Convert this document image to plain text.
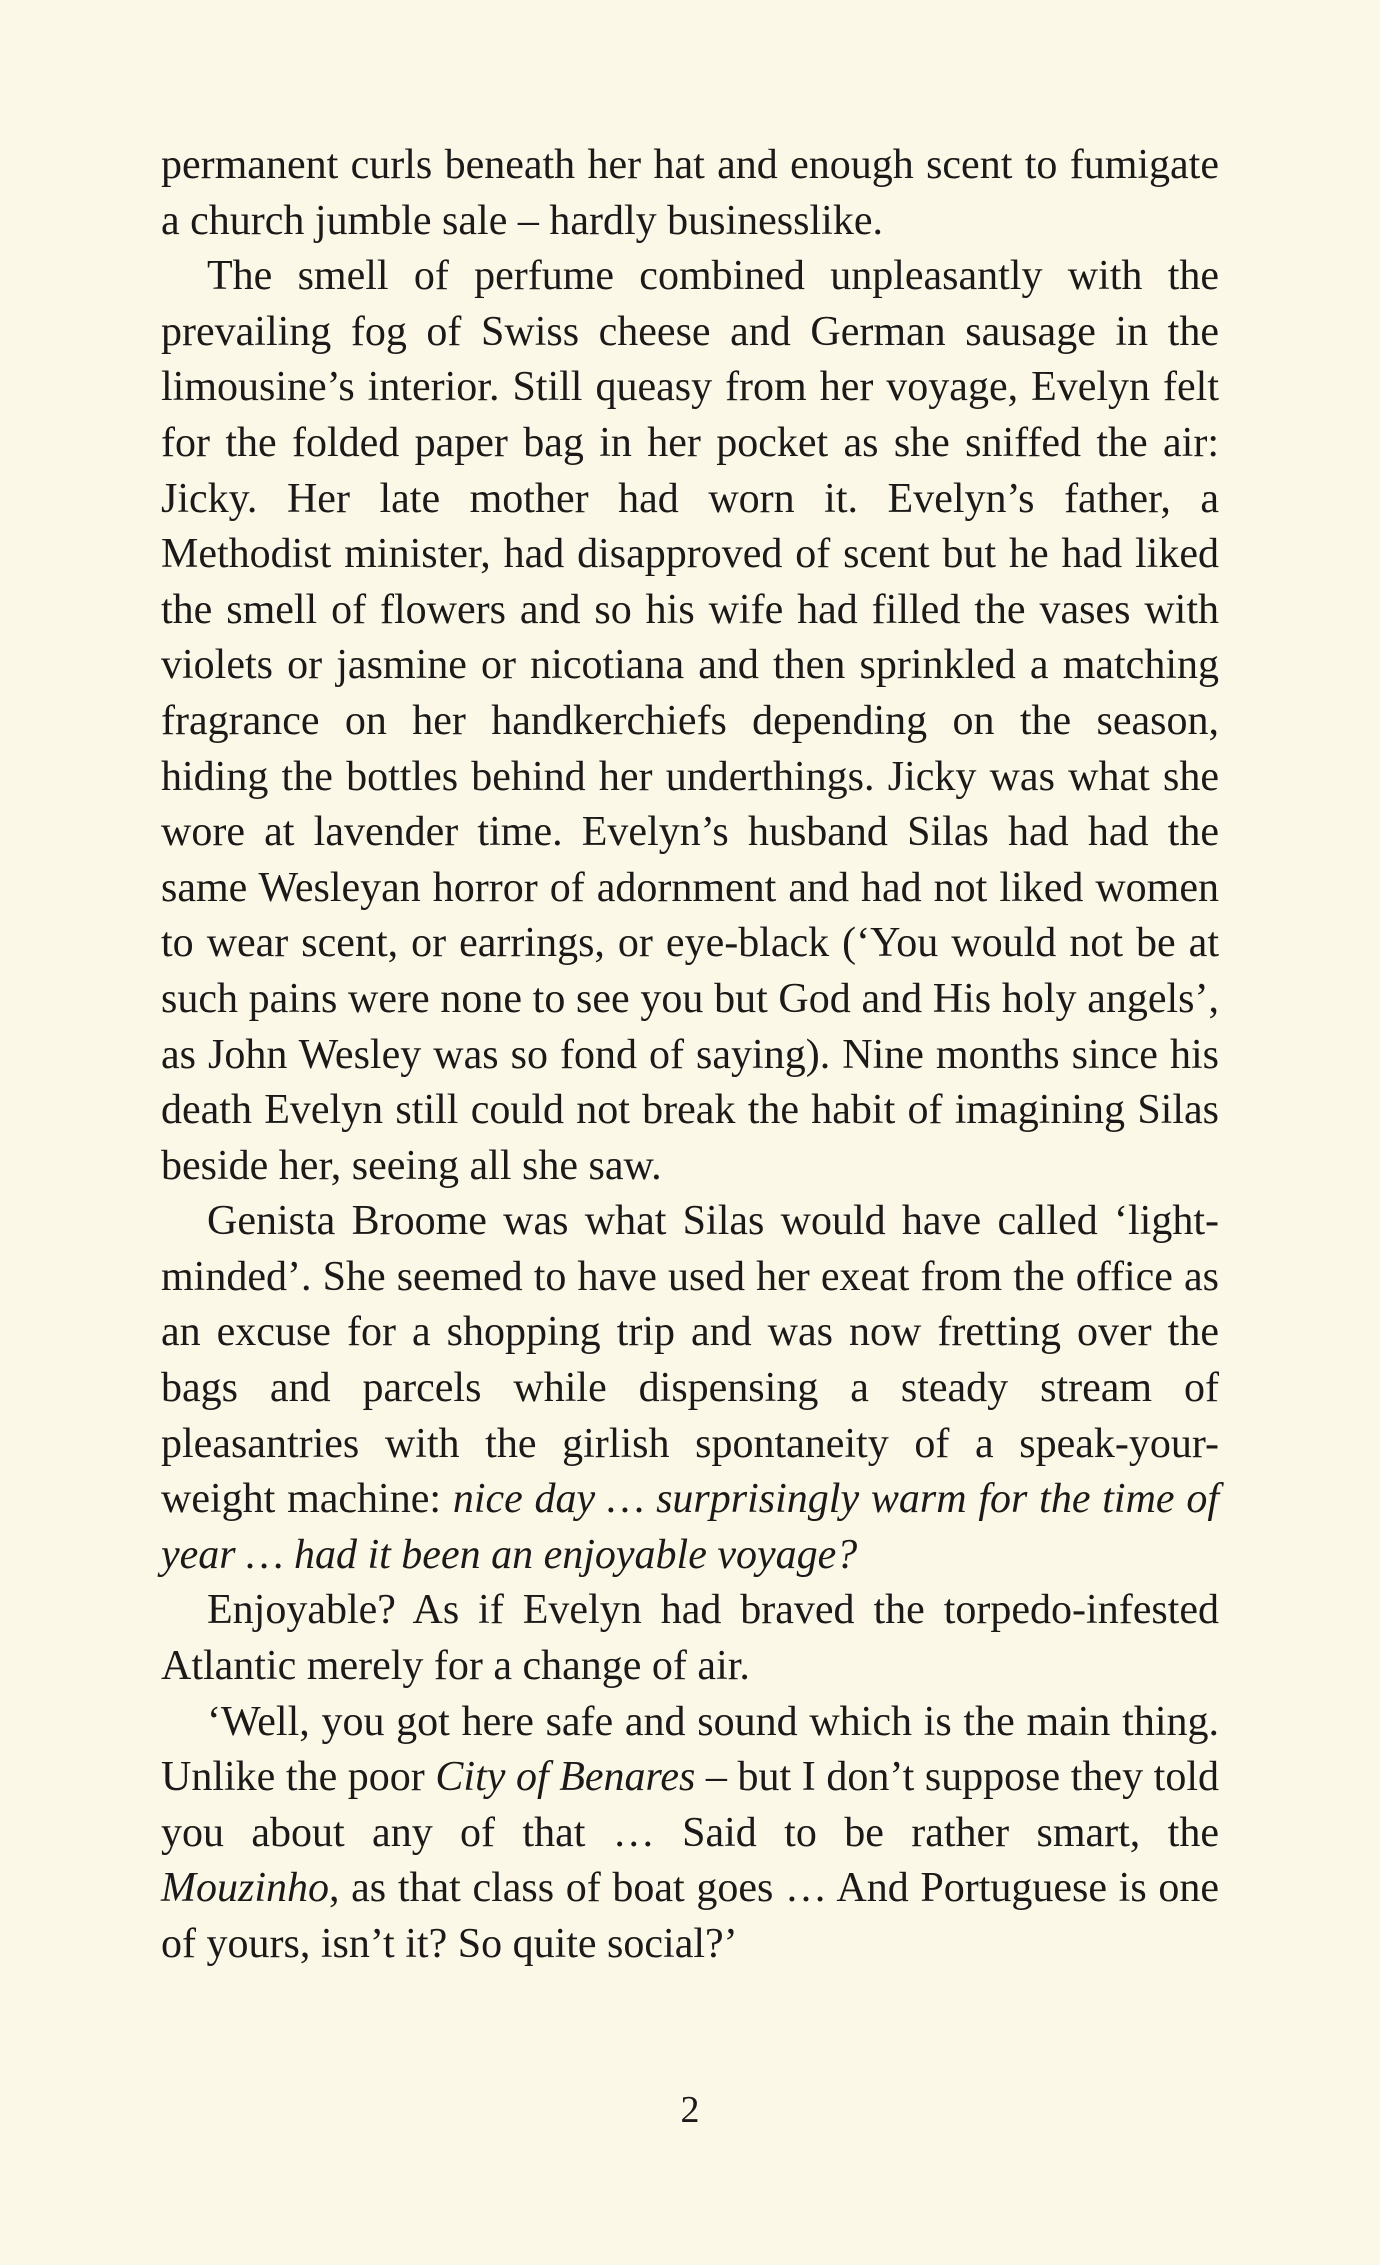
permanent curls beneath her hat and enough scent to fumigate a church jumble sale – hardly businesslike.

The smell of perfume combined unpleasantly with the prevailing fog of Swiss cheese and German sausage in the limousine’s interior. Still queasy from her voyage, Evelyn felt for the folded paper bag in her pocket as she sniffed the air: Jicky. Her late mother had worn it. Evelyn’s father, a Methodist minister, had disapproved of scent but he had liked the smell of flowers and so his wife had filled the vases with violets or jasmine or nicotiana and then sprinkled a matching fragrance on her handkerchiefs depending on the season, hiding the bottles behind her underthings. Jicky was what she wore at lavender time. Evelyn’s husband Silas had had the same Wesleyan horror of adornment and had not liked women to wear scent, or earrings, or eye-black (‘You would not be at such pains were none to see you but God and His holy angels’, as John Wesley was so fond of saying). Nine months since his death Evelyn still could not break the habit of imagining Silas beside her, seeing all she saw.

Genista Broome was what Silas would have called ‘light-minded’. She seemed to have used her exeat from the office as an excuse for a shopping trip and was now fretting over the bags and parcels while dispensing a steady stream of pleasantries with the girlish spontaneity of a speak-your-weight machine: nice day … surprisingly warm for the time of year … had it been an enjoyable voyage?

Enjoyable? As if Evelyn had braved the torpedo-infested Atlantic merely for a change of air.

‘Well, you got here safe and sound which is the main thing. Unlike the poor City of Benares – but I don’t suppose they told you about any of that … Said to be rather smart, the Mouzinho, as that class of boat goes … And Portuguese is one of yours, isn’t it? So quite social?’

2
